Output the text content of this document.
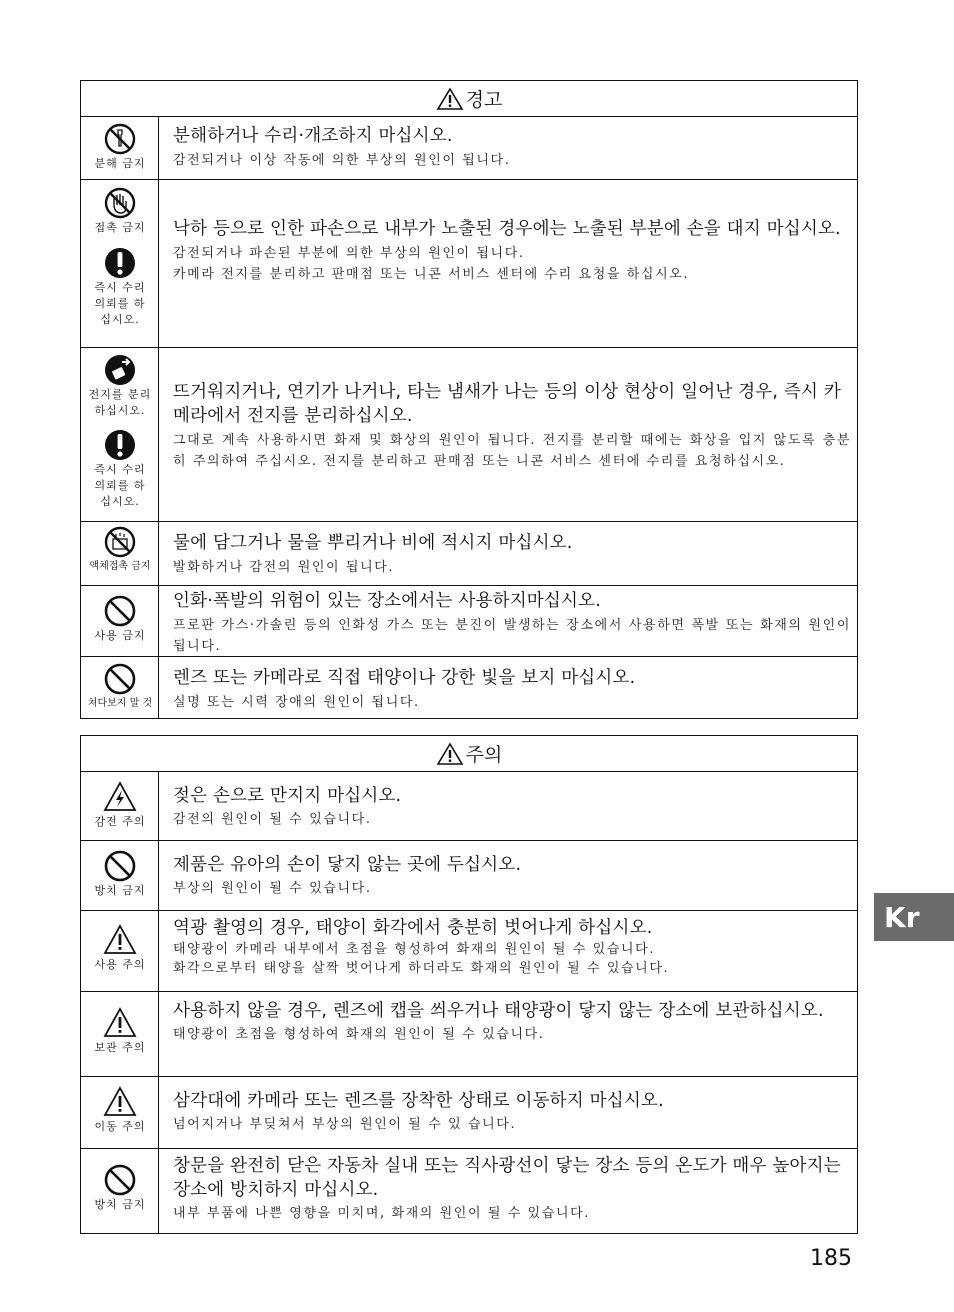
경고
분해 금지
분해하거나 수리·개조하지 마십시오.
감전되거나 이상 작동에 의한 부상의 원인이 됩니다.
접촉 금지
즉시 수리
의뢰를 하
십시오.
낙하 등으로 인한 파손으로 내부가 노출된 경우에는 노출된 부분에 손을 대지 마십시오.
감전되거나 파손된 부분에 의한 부상의 원인이 됩니다.
카메라 전지를 분리하고 판매점 또는 니콘 서비스 센터에 수리 요청을 하십시오.
전지를 분리
하십시오.
즉시 수리
의뢰를 하
십시오.
뜨거워지거나, 연기가 나거나, 타는 냄새가 나는 등의 이상 현상이 일어난 경우, 즉시 카메라에서 전지를 분리하십시오.
그대로 계속 사용하시면 화재 및 화상의 원인이 됩니다. 전지를 분리할 때에는 화상을 입지 않도록 충분히 주의하여 주십시오. 전지를 분리하고 판매점 또는 니콘 서비스 센터에 수리를 요청하십시오.
액체접촉 금지
물에 담그거나 물을 뿌리거나 비에 적시지 마십시오.
발화하거나 감전의 원인이 됩니다.
사용 금지
인화·폭발의 위험이 있는 장소에서는 사용하지마십시오.
프로판 가스·가솔린 등의 인화성 가스 또는 분진이 발생하는 장소에서 사용하면 폭발 또는 화재의 원인이 됩니다.
쳐다보지 말 것
렌즈 또는 카메라로 직접 태양이나 강한 빛을 보지 마십시오.
실명 또는 시력 장애의 원인이 됩니다.
주의
감전 주의
젖은 손으로 만지지 마십시오.
감전의 원인이 될 수 있습니다.
방치 금지
제품은 유아의 손이 닿지 않는 곳에 두십시오.
부상의 원인이 될 수 있습니다.
사용 주의
역광 촬영의 경우, 태양이 화각에서 충분히 벗어나게 하십시오.
태양광이 카메라 내부에서 초점을 형성하여 화재의 원인이 될 수 있습니다.
화각으로부터 태양을 살짝 벗어나게 하더라도 화재의 원인이 될 수 있습니다.
보관 주의
사용하지 않을 경우, 렌즈에 캡을 씌우거나 태양광이 닿지 않는 장소에 보관하십시오.
태양광이 초점을 형성하여 화재의 원인이 될 수 있습니다.
이동 주의
삼각대에 카메라 또는 렌즈를 장착한 상태로 이동하지 마십시오.
넘어지거나 부딪쳐서 부상의 원인이 될 수 있 습니다.
방치 금지
창문을 완전히 닫은 자동차 실내 또는 직사광선이 닿는 장소 등의 온도가 매우 높아지는 장소에 방치하지 마십시오.
내부 부품에 나쁜 영향을 미치며, 화재의 원인이 될 수 있습니다.
Kr
185
